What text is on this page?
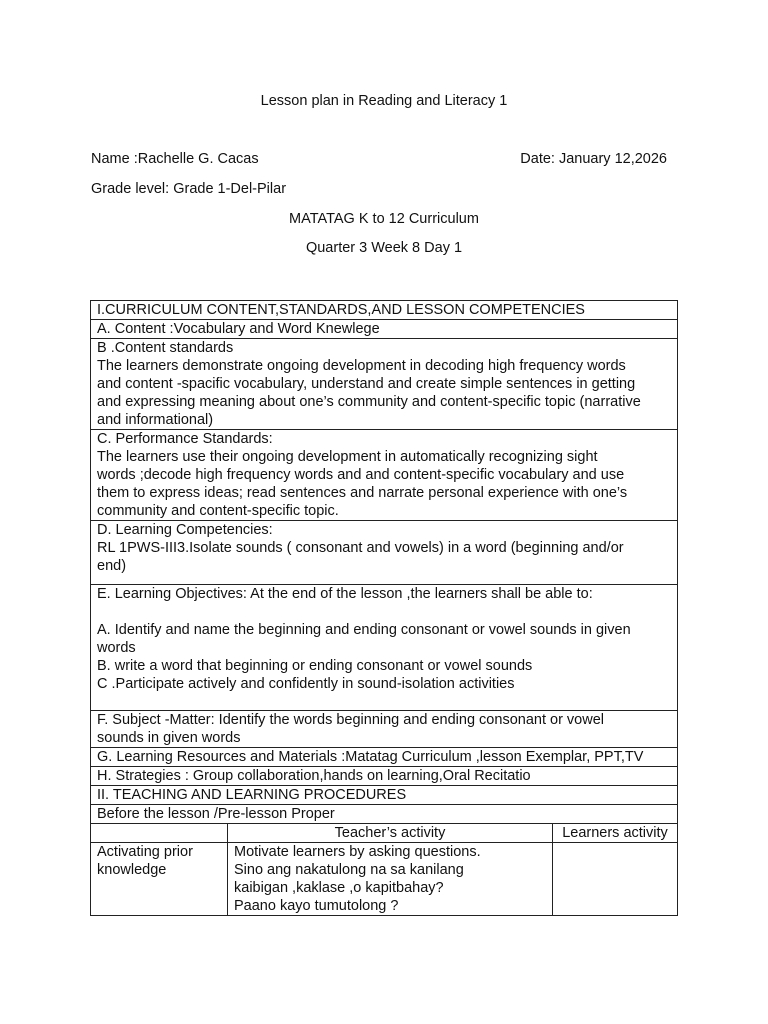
Lesson plan in Reading and Literacy 1
Name :Rachelle G. Cacas	Date: January 12,2026
Grade level: Grade 1-Del-Pilar
MATATAG K to 12 Curriculum
Quarter 3 Week 8 Day 1
I.CURRICULUM CONTENT,STANDARDS,AND LESSON COMPETENCIES		
A. Content :Vocabulary and Word Knewlege		

B .Content standards
The learners demonstrate ongoing development in decoding high frequency words
and content -spacific vocabulary, understand and create simple sentences in getting
and expressing meaning about one’s community and content-specific topic (narrative
and informational)		

C. Performance Standards:
The learners use their ongoing development in automatically recognizing sight
words ;decode high frequency words and and content-specific vocabulary and use
them to express ideas; read sentences and narrate personal experience with one’s
community and content-specific topic.		

D. Learning Competencies:
RL 1PWS-III3.Isolate sounds ( consonant and vowels) in a word (beginning and/or
end)		

E. Learning Objectives: At the end of the lesson ,the learners shall be able to:
A. Identify and name the beginning and ending consonant or vowel sounds in given
words
B. write a word that beginning or ending consonant or vowel sounds
C .Participate actively and confidently in sound-isolation activities		

F. Subject -Matter: Identify the words beginning and ending consonant or vowel
sounds in given words		

G. Learning Resources and Materials :Matatag Curriculum ,lesson Exemplar, PPT,TV		
H. Strategies : Group collaboration,hands on learning,Oral Recitatio		
II. TEACHING AND LEARNING PROCEDURES		
Before the lesson /Pre-lesson Proper		
	Teacher’s activity	Learners activity

Activating prior
knowledge	Motivate learners by asking questions.
Sino ang nakatulong na sa kanilang
kaibigan ,kaklase ,o kapitbahay?
Paano kayo tumutolong ?	
